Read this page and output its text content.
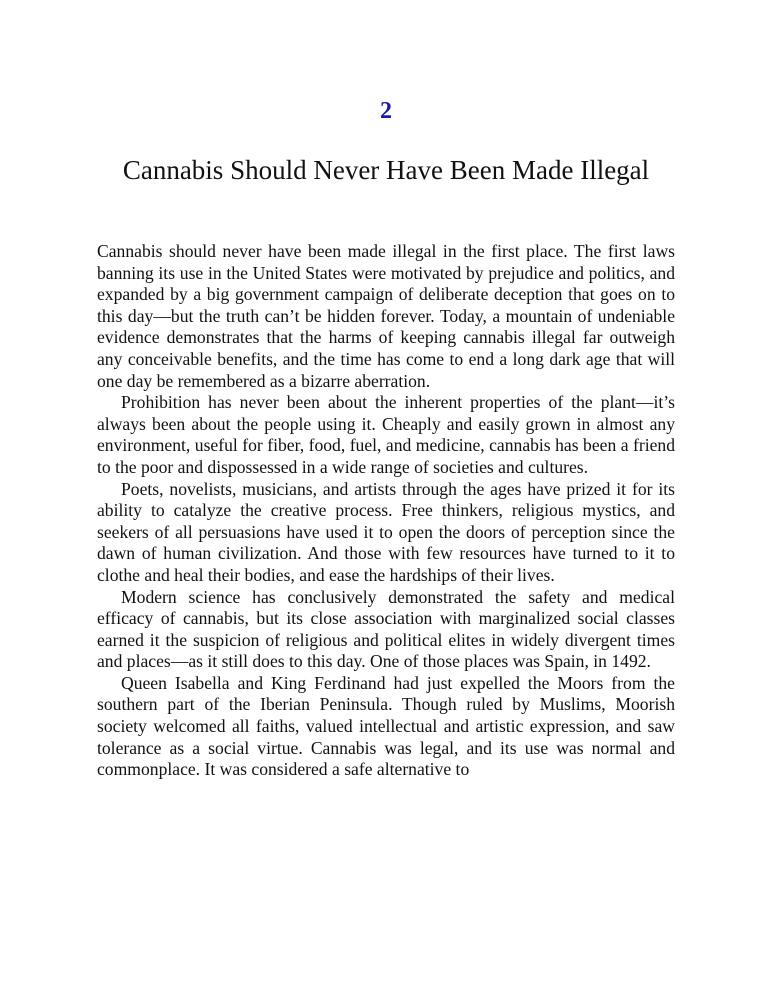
2
Cannabis Should Never Have Been Made Illegal

Cannabis should never have been made illegal in the first place. The first laws banning its use in the United States were motivated by prejudice and politics, and expanded by a big government campaign of deliberate deception that goes on to this day—but the truth can’t be hidden forever. Today, a mountain of undeniable evidence demonstrates that the harms of keeping cannabis illegal far outweigh any conceivable benefits, and the time has come to end a long dark age that will one day be remembered as a bizarre aberration.

Prohibition has never been about the inherent properties of the plant—it’s always been about the people using it. Cheaply and easily grown in almost any environment, useful for fiber, food, fuel, and medicine, cannabis has been a friend to the poor and dispossessed in a wide range of societies and cultures.

Poets, novelists, musicians, and artists through the ages have prized it for its ability to catalyze the creative process. Free thinkers, religious mystics, and seekers of all persuasions have used it to open the doors of perception since the dawn of human civilization. And those with few resources have turned to it to clothe and heal their bodies, and ease the hardships of their lives.

Modern science has conclusively demonstrated the safety and medical efficacy of cannabis, but its close association with marginalized social classes earned it the suspicion of religious and political elites in widely divergent times and places—as it still does to this day. One of those places was Spain, in 1492.

Queen Isabella and King Ferdinand had just expelled the Moors from the southern part of the Iberian Peninsula. Though ruled by Muslims, Moorish society welcomed all faiths, valued intellectual and artistic expression, and saw tolerance as a social virtue. Cannabis was legal, and its use was normal and commonplace. It was considered a safe alternative to
